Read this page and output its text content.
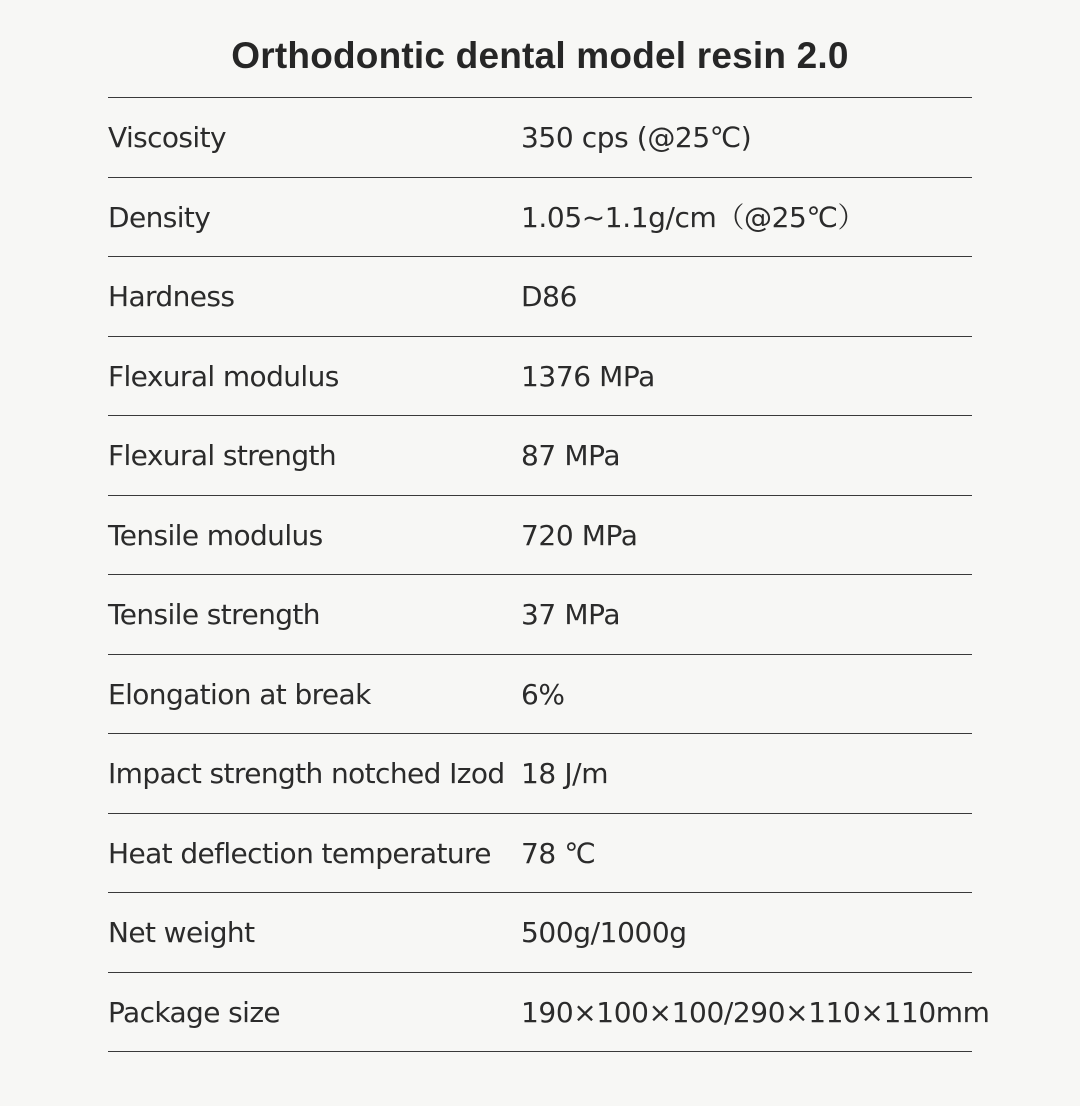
Orthodontic dental model resin 2.0
Viscosity	350 cps (@25℃)
Density	1.05~1.1g/cm（@25℃）
Hardness	D86
Flexural modulus	1376 MPa
Flexural strength	87 MPa
Tensile modulus	720 MPa
Tensile strength	37 MPa
Elongation at break	6%
Impact strength notched Izod 18 J/m
Heat deflection temperature 78 ℃
Net weight	500g/1000g
Package size	190×100×100/290×110×110mm
